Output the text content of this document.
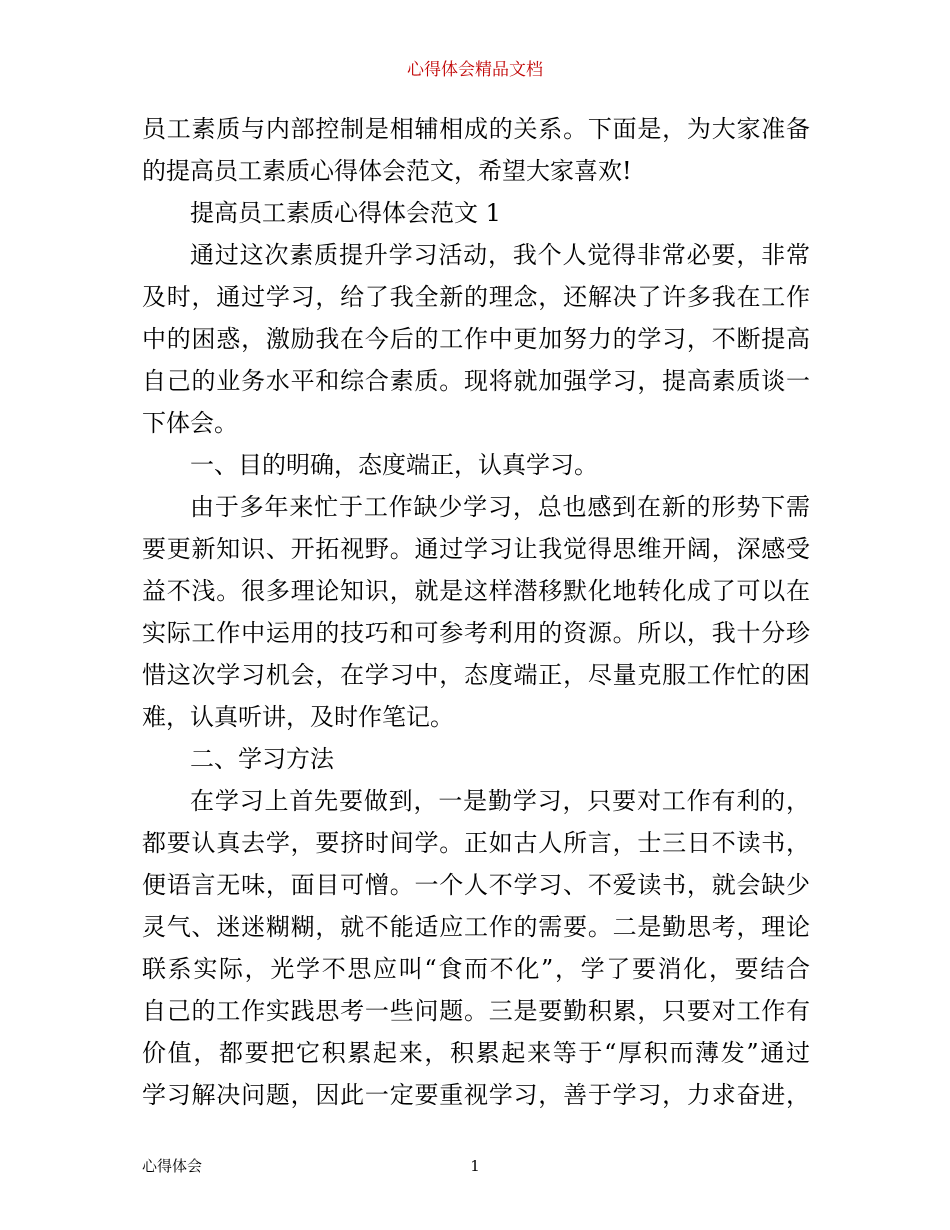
心得体会精品文档
员工素质与内部控制是相辅相成的关系。下面是，为大家准备
的提高员工素质心得体会范文，希望大家喜欢!
提高员工素质心得体会范文 1
通过这次素质提升学习活动，我个人觉得非常必要，非常
及时，通过学习，给了我全新的理念，还解决了许多我在工作
中的困惑，激励我在今后的工作中更加努力的学习，不断提高
自己的业务水平和综合素质。现将就加强学习，提高素质谈一
下体会。
一、目的明确，态度端正，认真学习。
由于多年来忙于工作缺少学习，总也感到在新的形势下需
要更新知识、开拓视野。通过学习让我觉得思维开阔，深感受
益不浅。很多理论知识，就是这样潜移默化地转化成了可以在
实际工作中运用的技巧和可参考利用的资源。所以，我十分珍
惜这次学习机会，在学习中，态度端正，尽量克服工作忙的困
难，认真听讲，及时作笔记。
二、学习方法
在学习上首先要做到，一是勤学习，只要对工作有利的，
都要认真去学，要挤时间学。正如古人所言，士三日不读书，
便语言无味，面目可憎。一个人不学习、不爱读书，就会缺少
灵气、迷迷糊糊，就不能适应工作的需要。二是勤思考，理论
联系实际，光学不思应叫“食而不化”，学了要消化，要结合
自己的工作实践思考一些问题。三是要勤积累，只要对工作有
价值，都要把它积累起来，积累起来等于“厚积而薄发”通过
学习解决问题，因此一定要重视学习，善于学习，力求奋进，
心得体会	1
